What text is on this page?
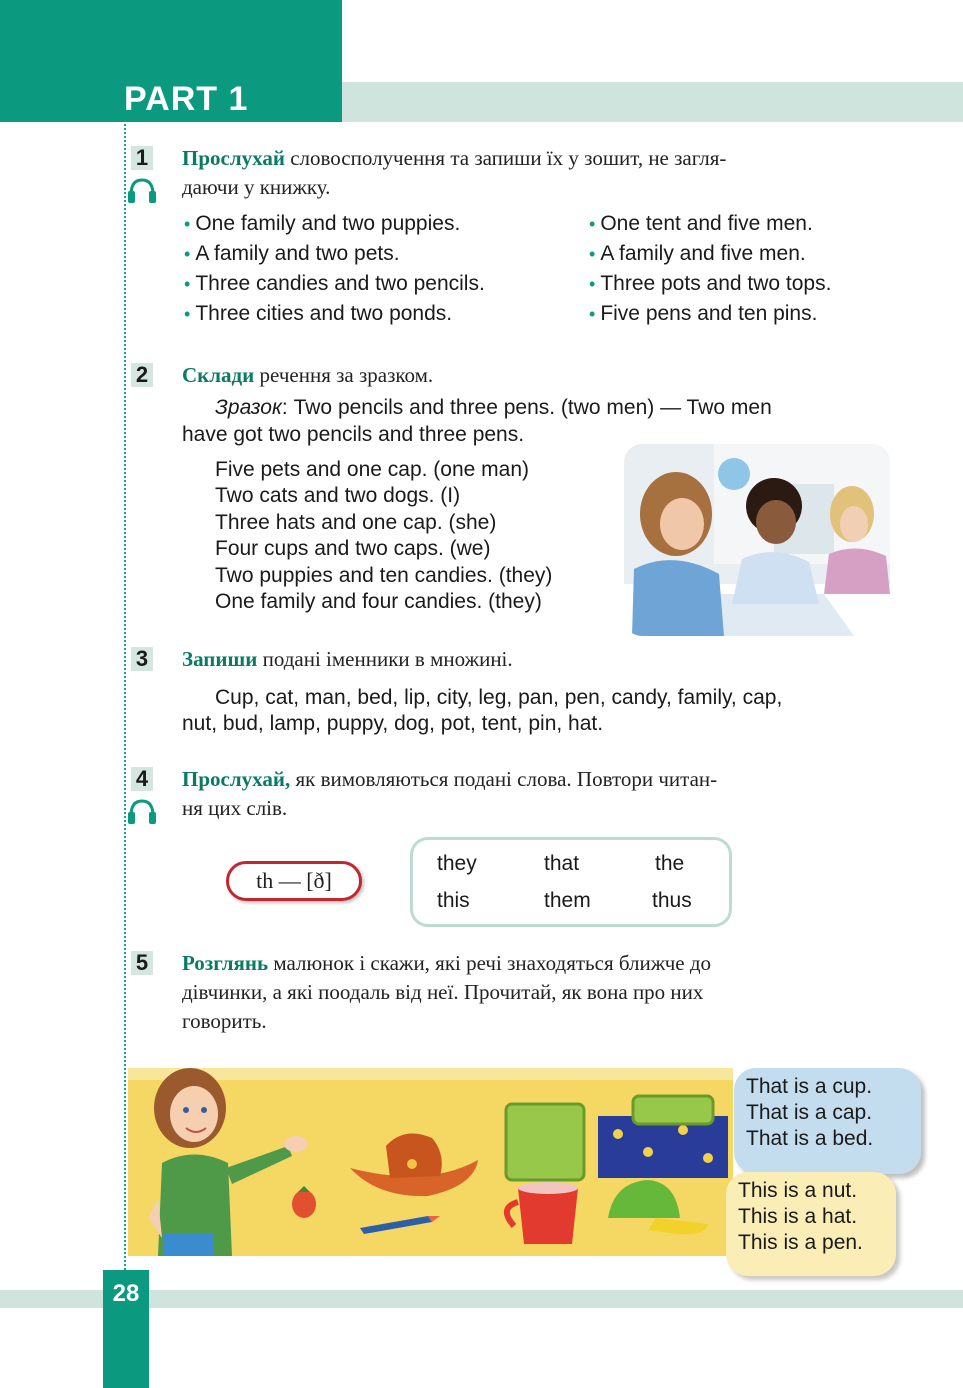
PART 1
1 Прослухай словосполучення та запиши їх у зошит, не загля-
даючи у книжку.
• One family and two puppies.
• A family and two pets.
• Three candies and two pencils.
• Three cities and two ponds.
• One tent and five men.
• A family and five men.
• Three pots and two tops.
• Five pens and ten pins.
2 Склади речення за зразком.
Зразок: Two pencils and three pens. (two men) — Two men
have got two pencils and three pens.
Five pets and one cap. (one man)
Two cats and two dogs. (I)
Three hats and one cap. (she)
Four cups and two caps. (we)
Two puppies and ten candies. (they)
One family and four candies. (they)
3 Запиши подані іменники в множині.
Cup, cat, man, bed, lip, city, leg, pan, pen, candy, family, cap,
nut, bud, lamp, puppy, dog, pot, tent, pin, hat.
4 Прослухай, як вимовляються подані слова. Повтори читан-
ня цих слів.
th — [ð]
they	that	the
this	them	thus
5 Розглянь малюнок і скажи, які речі знаходяться ближче до
дівчинки, а які поодаль від неї. Прочитай, як вона про них
говорить.
That is a cup.
That is a cap.
That is a bed.
This is a nut.
This is a hat.
This is a pen.
28
